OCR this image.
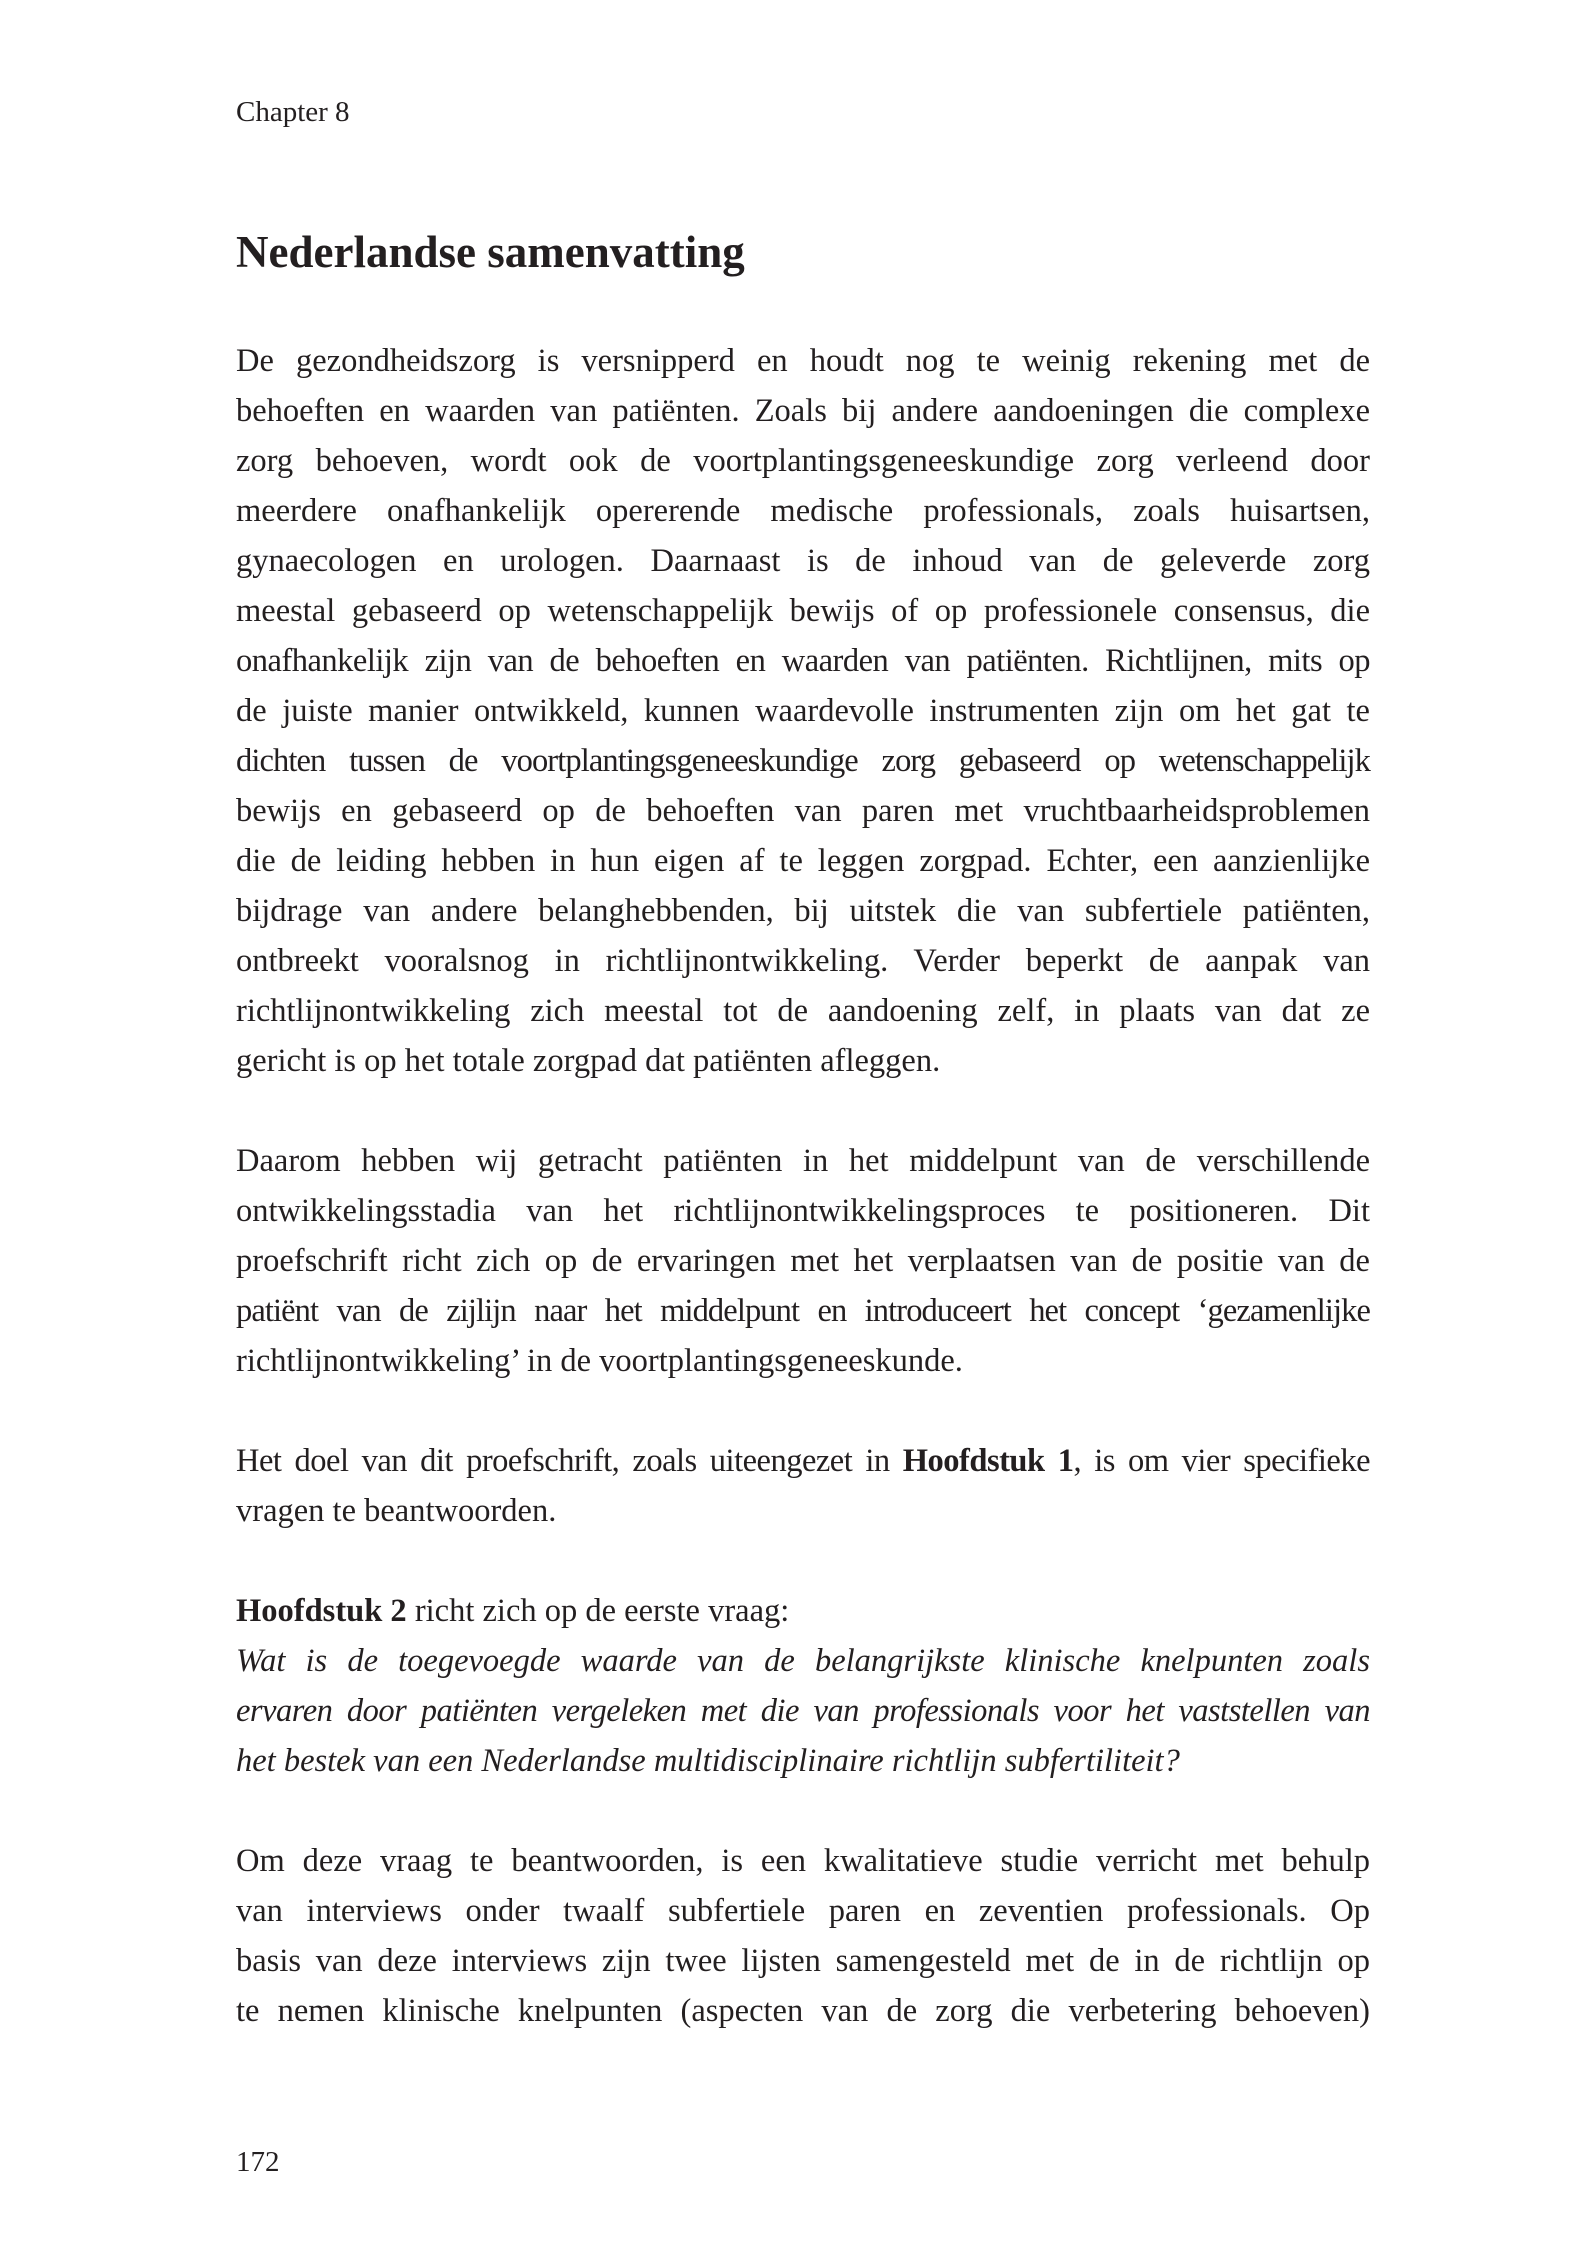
Chapter 8
Nederlandse samenvatting

De gezondheidszorg is versnipperd en houdt nog te weinig rekening met de
behoeften en waarden van patiënten. Zoals bij andere aandoeningen die complexe
zorg behoeven, wordt ook de voortplantingsgeneeskundige zorg verleend door
meerdere onafhankelijk opererende medische professionals, zoals huisartsen,
gynaecologen en urologen. Daarnaast is de inhoud van de geleverde zorg
meestal gebaseerd op wetenschappelijk bewijs of op professionele consensus, die
onafhankelijk zijn van de behoeften en waarden van patiënten. Richtlijnen, mits op
de juiste manier ontwikkeld, kunnen waardevolle instrumenten zijn om het gat te
dichten tussen de voortplantingsgeneeskundige zorg gebaseerd op wetenschappelijk
bewijs en gebaseerd op de behoeften van paren met vruchtbaarheidsproblemen
die de leiding hebben in hun eigen af te leggen zorgpad. Echter, een aanzienlijke
bijdrage van andere belanghebbenden, bij uitstek die van subfertiele patiënten,
ontbreekt vooralsnog in richtlijnontwikkeling. Verder beperkt de aanpak van
richtlijnontwikkeling zich meestal tot de aandoening zelf, in plaats van dat ze
gericht is op het totale zorgpad dat patiënten afleggen.

Daarom hebben wij getracht patiënten in het middelpunt van de verschillende
ontwikkelingsstadia van het richtlijnontwikkelingsproces te positioneren. Dit
proefschrift richt zich op de ervaringen met het verplaatsen van de positie van de
patiënt van de zijlijn naar het middelpunt en introduceert het concept ‘gezamenlijke
richtlijnontwikkeling’ in de voortplantingsgeneeskunde.

Het doel van dit proefschrift, zoals uiteengezet in Hoofdstuk 1, is om vier specifieke
vragen te beantwoorden.

Hoofdstuk 2 richt zich op de eerste vraag:
Wat is de toegevoegde waarde van de belangrijkste klinische knelpunten zoals
ervaren door patiënten vergeleken met die van professionals voor het vaststellen van
het bestek van een Nederlandse multidisciplinaire richtlijn subfertiliteit?

Om deze vraag te beantwoorden, is een kwalitatieve studie verricht met behulp
van interviews onder twaalf subfertiele paren en zeventien professionals. Op
basis van deze interviews zijn twee lijsten samengesteld met de in de richtlijn op
te nemen klinische knelpunten (aspecten van de zorg die verbetering behoeven)

172
